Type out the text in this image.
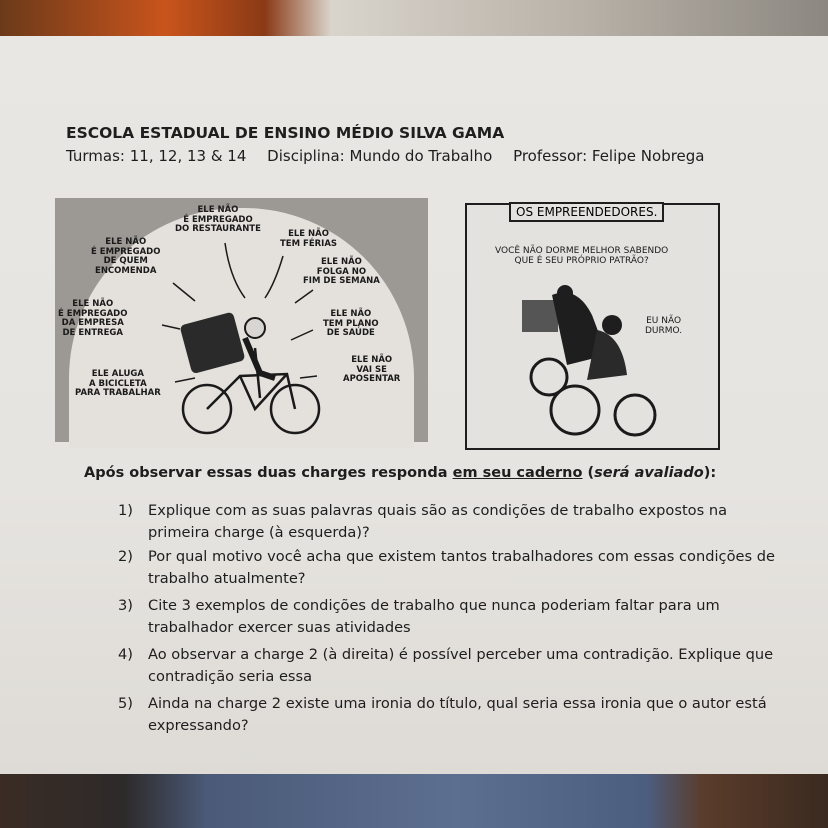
ESCOLA ESTADUAL DE ENSINO MÉDIO SILVA GAMA
Turmas: 11, 12, 13 & 14 Disciplina: Mundo do Trabalho Professor: Felipe Nobrega
ELE NÃO
É EMPREGADO
DO RESTAURANTE	ELE NÃO
TEM FÉRIAS
ELE NÃO
É EMPREGADO
DE QUEM
ENCOMENDA
ELE NÃO
FOLGA NO
FIM DE SEMANA
ELE NÃO
É EMPREGADO
DA EMPRESA
DE ENTREGA
ELE NÃO
TEM PLANO
DE SAÚDE
ELE NÃO
VAI SE
APOSENTAR
ELE ALUGA
A BICICLETA
PARA TRABALHAR
OS EMPREENDEDORES.
VOCÊ NÃO DORME MELHOR SABENDO
QUE É SEU PRÓPRIO PATRÃO?
EU NÃO
DURMO.
Após observar essas duas charges responda em seu caderno (será avaliado):
1) Explique com as suas palavras quais são as condições de trabalho expostos na primeira charge (à esquerda)?
2) Por qual motivo você acha que existem tantos trabalhadores com essas condições de trabalho atualmente?
3) Cite 3 exemplos de condições de trabalho que nunca poderiam faltar para um trabalhador exercer suas atividades
4) Ao observar a charge 2 (à direita) é possível perceber uma contradição. Explique que contradição seria essa
5) Ainda na charge 2 existe uma ironia do título, qual seria essa ironia que o autor está expressando?
